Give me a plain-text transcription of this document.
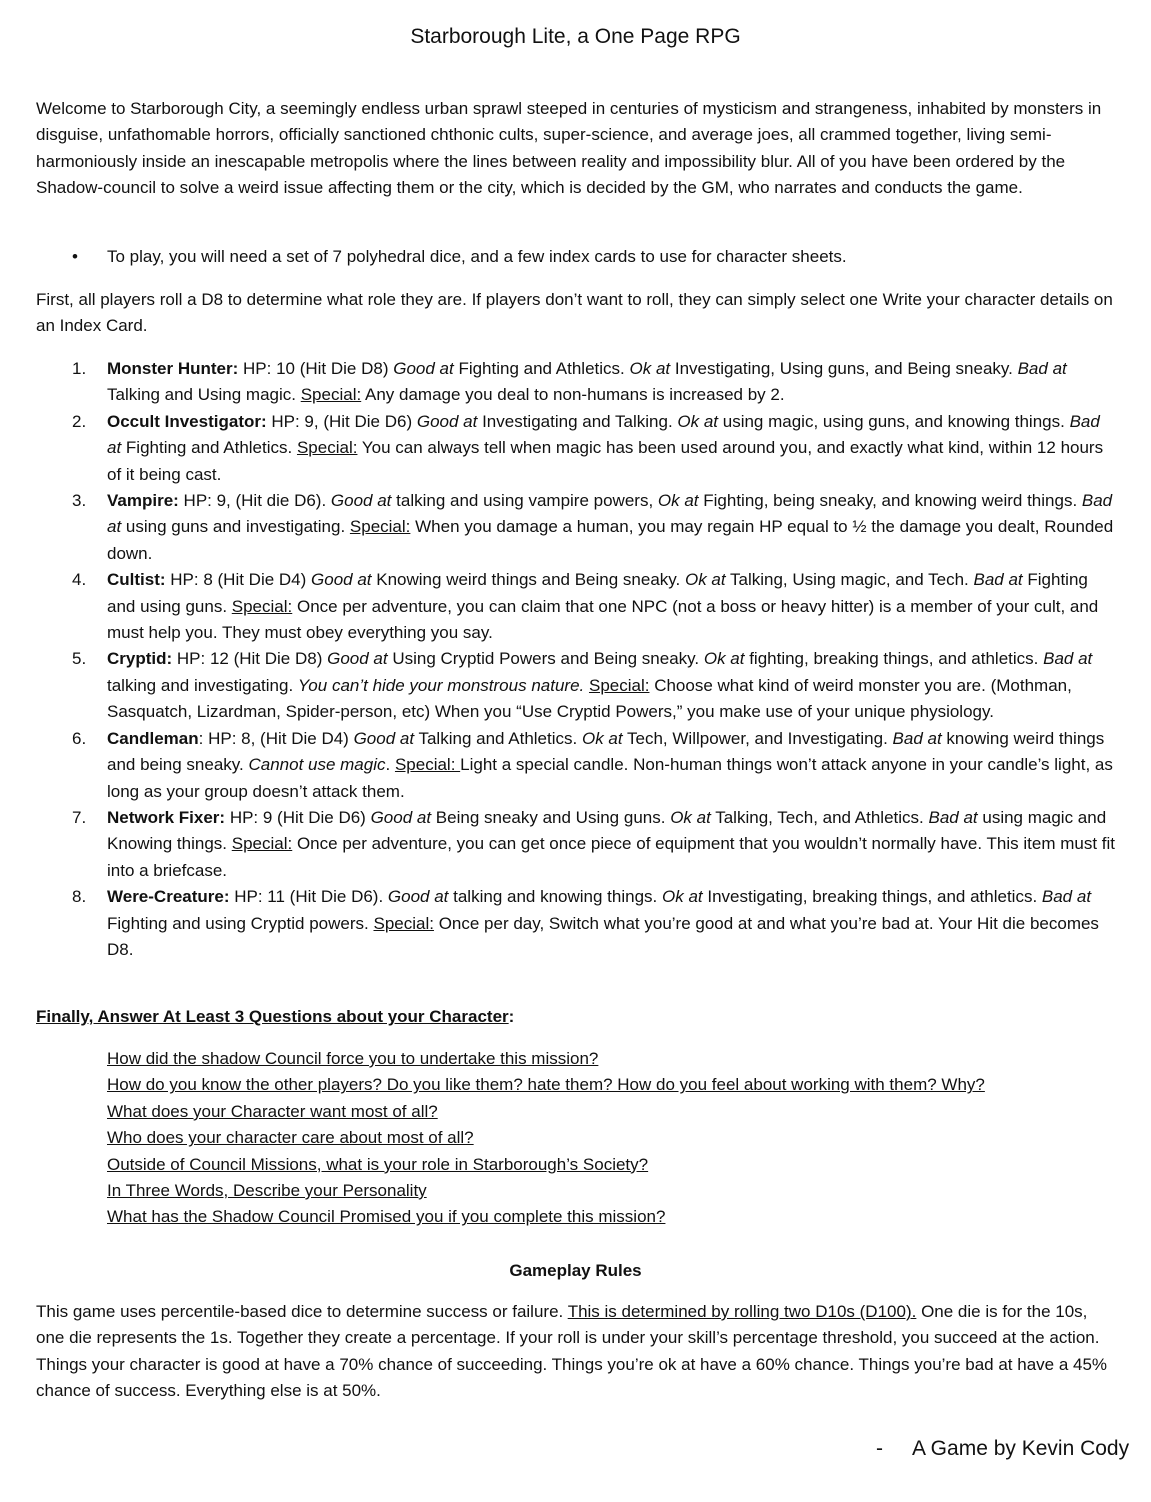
Starborough Lite, a One Page RPG

Welcome to Starborough City, a seemingly endless urban sprawl steeped in centuries of mysticism and strangeness, inhabited by monsters in disguise, unfathomable horrors, officially sanctioned chthonic cults, super-science, and average joes, all crammed together, living semi-harmoniously inside an inescapable metropolis where the lines between reality and impossibility blur. All of you have been ordered by the Shadow-council to solve a weird issue affecting them or the city, which is decided by the GM, who narrates and conducts the game.

• To play, you will need a set of 7 polyhedral dice, and a few index cards to use for character sheets.

First, all players roll a D8 to determine what role they are. If players don’t want to roll, they can simply select one Write your character details on an Index Card.

1. Monster Hunter: HP: 10 (Hit Die D8) Good at Fighting and Athletics. Ok at Investigating, Using guns, and Being sneaky. Bad at Talking and Using magic. Special: Any damage you deal to non-humans is increased by 2.
2. Occult Investigator: HP: 9, (Hit Die D6) Good at Investigating and Talking. Ok at using magic, using guns, and knowing things. Bad at Fighting and Athletics. Special: You can always tell when magic has been used around you, and exactly what kind, within 12 hours of it being cast.
3. Vampire: HP: 9, (Hit die D6). Good at talking and using vampire powers, Ok at Fighting, being sneaky, and knowing weird things. Bad at using guns and investigating. Special: When you damage a human, you may regain HP equal to ½ the damage you dealt, Rounded down.
4. Cultist: HP: 8 (Hit Die D4) Good at Knowing weird things and Being sneaky. Ok at Talking, Using magic, and Tech. Bad at Fighting and using guns. Special: Once per adventure, you can claim that one NPC (not a boss or heavy hitter) is a member of your cult, and must help you. They must obey everything you say.
5. Cryptid: HP: 12 (Hit Die D8) Good at Using Cryptid Powers and Being sneaky. Ok at fighting, breaking things, and athletics. Bad at talking and investigating. You can’t hide your monstrous nature. Special: Choose what kind of weird monster you are. (Mothman, Sasquatch, Lizardman, Spider-person, etc) When you “Use Cryptid Powers,” you make use of your unique physiology.
6. Candleman: HP: 8, (Hit Die D4) Good at Talking and Athletics. Ok at Tech, Willpower, and Investigating. Bad at knowing weird things and being sneaky. Cannot use magic. Special: Light a special candle. Non-human things won’t attack anyone in your candle’s light, as long as your group doesn’t attack them.
7. Network Fixer: HP: 9 (Hit Die D6) Good at Being sneaky and Using guns. Ok at Talking, Tech, and Athletics. Bad at using magic and Knowing things. Special: Once per adventure, you can get once piece of equipment that you wouldn’t normally have. This item must fit into a briefcase.
8. Were-Creature: HP: 11 (Hit Die D6). Good at talking and knowing things. Ok at Investigating, breaking things, and athletics. Bad at Fighting and using Cryptid powers. Special: Once per day, Switch what you’re good at and what you’re bad at. Your Hit die becomes D8.

Finally, Answer At Least 3 Questions about your Character:

How did the shadow Council force you to undertake this mission?
How do you know the other players? Do you like them? hate them? How do you feel about working with them? Why?
What does your Character want most of all?
Who does your character care about most of all?
Outside of Council Missions, what is your role in Starborough’s Society?
In Three Words, Describe your Personality
What has the Shadow Council Promised you if you complete this mission?
Gameplay Rules

This game uses percentile-based dice to determine success or failure. This is determined by rolling two D10s (D100). One die is for the 10s, one die represents the 1s. Together they create a percentage. If your roll is under your skill’s percentage threshold, you succeed at the action. Things your character is good at have a 70% chance of succeeding. Things you’re ok at have a 60% chance. Things you’re bad at have a 45% chance of success. Everything else is at 50%.

- A Game by Kevin Cody
